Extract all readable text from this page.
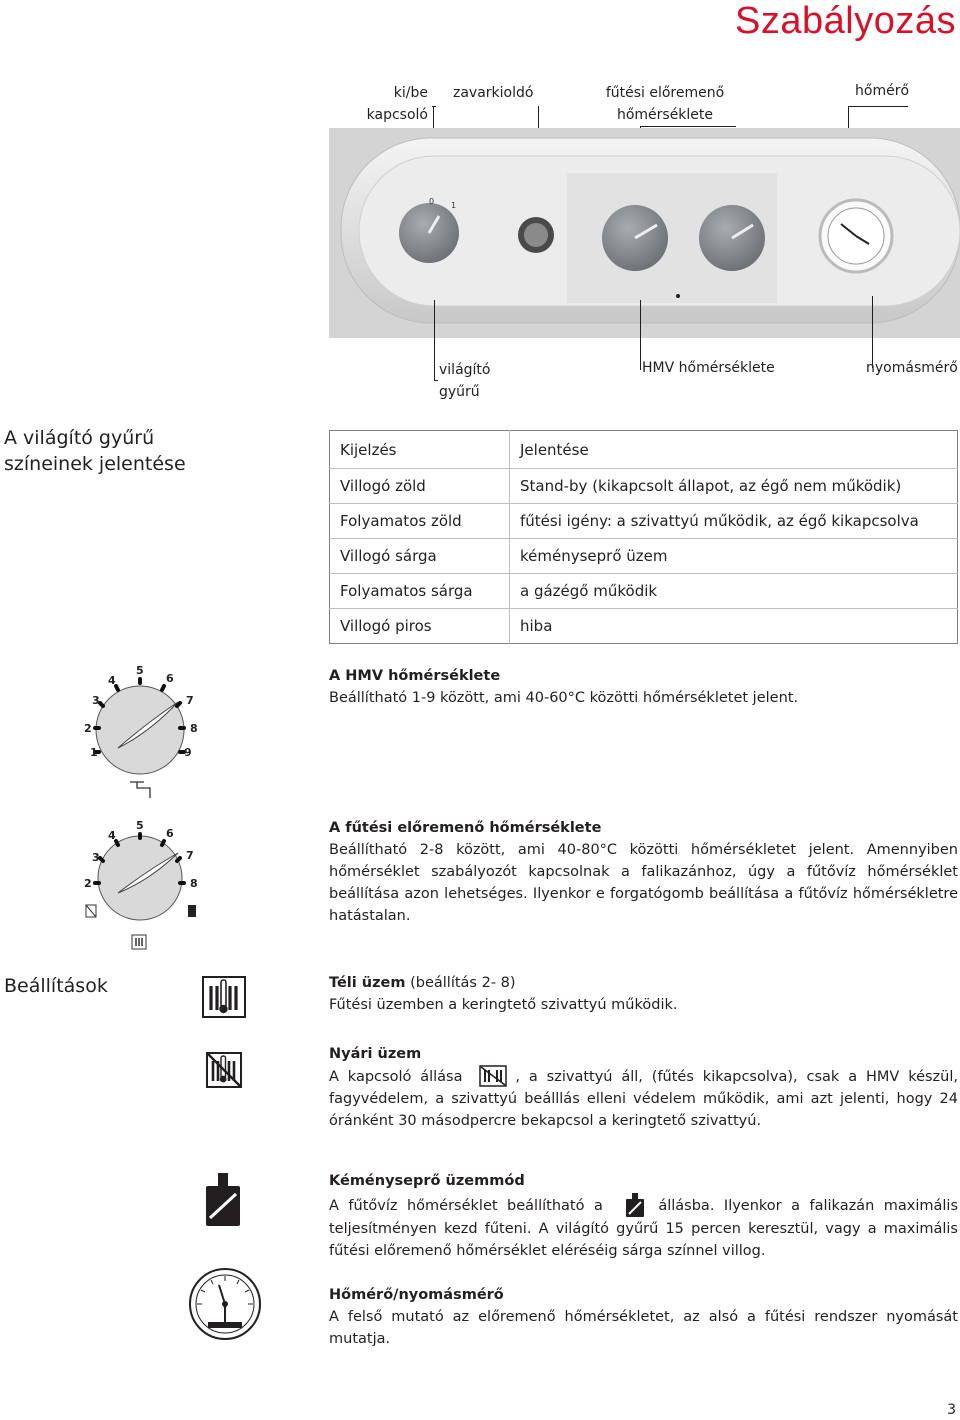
Szabályozás
ki/be
kapcsoló
zavarkioldó	fűtési előremenő
hőmérséklete
hőmérő
0 1
világító
gyűrű
HMV hőmérséklete	nyomásmérő
A világító gyűrű
színeinek jelentése
Kijelzés	Jelentése
Villogó zöld	Stand-by (kikapcsolt állapot, az égő nem működik)
Folyamatos zöld	fűtési igény: a szivattyú működik, az égő kikapcsolva
Villogó sárga	kéményseprő üzem
Folyamatos sárga	a gázégő működik
Villogó piros	hiba
1
2
3
4
5
6
7
8
9
A HMV hőmérséklete
Beállítható 1-9 között, ami 40-60°C közötti hőmérsékletet jelent.
2
3
4
5
6
7
8
A fűtési előremenő hőmérséklete
Beállítható 2-8 között, ami 40-80°C közötti hőmérsékletet jelent. Amennyiben hőmérséklet szabályozót kapcsolnak a falikazánhoz, úgy a fűtővíz hőmérséklet beállítása azon lehetséges. Ilyenkor e forgatógomb beállítása a fűtővíz hőmérsékletre hatástalan.
Beállítások	Téli üzem (beállítás 2- 8)
Fűtési üzemben a keringtető szivattyú működik.
Nyári üzem
A kapcsoló állása	, a szivattyú áll, (fűtés kikapcsolva), csak a HMV készül, fagyvédelem, a szivattyú beálllás elleni védelem működik, ami azt jelenti, hogy 24 óránként 30 másodpercre bekapcsol a keringtető szivattyú.
Kéményseprő üzemmód
A fűtővíz hőmérséklet beállítható a	állásba. Ilyenkor a falikazán maximális teljesítményen kezd fűteni. A világító gyűrű 15 percen keresztül, vagy a maximális fűtési előremenő hőmérséklet eléréséig sárga színnel villog.
Hőmérő/nyomásmérő
A felső mutató az előremenő hőmérsékletet, az alsó a fűtési rendszer nyomását mutatja.
3
